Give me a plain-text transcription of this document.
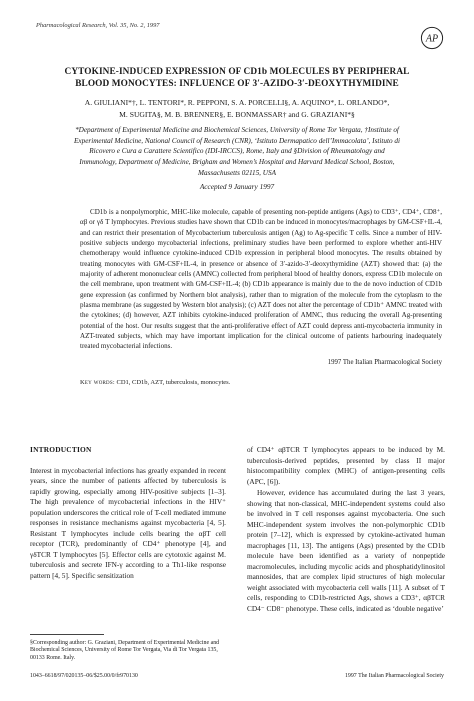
Pharmacological Research, Vol. 35, No. 2, 1997
AP
CYTOKINE-INDUCED EXPRESSION OF CD1b MOLECULES BY PERIPHERAL
BLOOD MONOCYTES: INFLUENCE OF 3′-AZIDO-3′-DEOXYTHYMIDINE
A. GIULIANI*†, L. TENTORI*, R. PEPPONI, S. A. PORCELLI§, A. AQUINO*, L. ORLANDO*,
M. SUGITA§, M. B. BRENNER§, E. BONMASSAR† and G. GRAZIANI*§
*Department of Experimental Medicine and Biochemical Sciences, University of Rome Tor Vergata, †Institute of
Experimental Medicine, National Council of Research (CNR), ‘Istituto Dermapatico dell’Immacolata’, Istituto di
Ricovero e Cura a Carattere Scientifico (IDI-IRCCS), Rome, Italy and §Division of Rheumatology and
Immunology, Department of Medicine, Brigham and Women’s Hospital and Harvard Medical School, Boston,
Massachusetts 02115, USA
Accepted 9 January 1997
CD1b is a nonpolymorphic, MHC-like molecule, capable of presenting non-peptide antigens (Ags) to CD3⁺, CD4⁺, CD8⁺, αβ or γδ T lymphocytes. Previous studies have shown that CD1b can be induced in monocytes/macrophages by GM-CSF+IL-4, and can restrict their presentation of Mycobacterium tuberculosis antigen (Ag) to Ag-specific T cells. Since a number of HIV-positive subjects undergo mycobacterial infections, preliminary studies have been performed to explore whether anti-HIV chemotherapy would influence cytokine-induced CD1b expression in peripheral blood monocytes. The results obtained by treating monocytes with GM-CSF+IL-4, in presence or absence of 3′-azido-3′-deoxythymidine (AZT) showed that: (a) the majority of adherent mononuclear cells (AMNC) collected from peripheral blood of healthy donors, express CD1b molecule on the cell membrane, upon treatment with GM-CSF+IL-4; (b) CD1b appearance is mainly due to the de novo induction of CD1b gene expression (as confirmed by Northern blot analysis), rather than to migration of the molecule from the cytoplasm to the plasma membrane (as suggested by Western blot analysis); (c) AZT does not alter the percentage of CD1b⁺ AMNC treated with the cytokines; (d) however, AZT inhibits cytokine-induced proliferation of AMNC, thus reducing the overall Ag-presenting potential of the host. Our results suggest that the anti-proliferative effect of AZT could depress anti-mycobacteria immunity in AZT-treated subjects, which may have important implication for the clinical outcome of patients harbouring inadequately treated mycobacterial infections.
1997 The Italian Pharmacological Society
Key words: CD1, CD1b, AZT, tuberculosis, monocytes.
INTRODUCTION
Interest in mycobacterial infections has greatly expanded in recent years, since the number of patients affected by tuberculosis is rapidly growing, especially among HIV-positive subjects [1–3]. The high prevalence of mycobacterial infections in the HIV⁺ population underscores the critical role of T-cell mediated immune responses in resistance mechanisms against mycobacteria [4, 5]. Resistant T lymphocytes include cells bearing the αβT cell receptor (TCR), predominantly of CD4⁺ phenotype [4], and γδTCR T lymphocytes [5]. Effector cells are cytotoxic against M. tuberculosis and secrete IFN-γ according to a Th1-like response pattern [4, 5]. Specific sensitization
of CD4⁺ αβTCR T lymphocytes appears to be induced by M. tuberculosis-derived peptides, presented by class II major histocompatibility complex (MHC) of antigen-presenting cells (APC, [6]).
However, evidence has accumulated during the last 3 years, showing that non-classical, MHC-independent systems could also be involved in T cell responses against mycobacteria. One such MHC-independent system involves the non-polymorphic CD1b protein [7–12], which is expressed by cytokine-activated human macrophages [11, 13]. The antigens (Ags) presented by the CD1b molecule have been identified as a variety of nonpeptide macromolecules, including mycolic acids and phosphatidylinositol mannosides, that are complex lipid structures of high molecular weight associated with mycobacteria cell walls [11]. A subset of T cells, responding to CD1b-restricted Ags, shows a CD3⁺, αβTCR CD4⁻ CD8⁻ phenotype. These cells, indicated as ‘double negative’
§Corresponding author: G. Graziani, Department of Experimental Medicine and Biochemical Sciences, University of Rome Tor Vergata, Via di Tor Vergata 135, 00133 Rome. Italy.
1043–6618/97/020135–06/$25.00/0/fr970130	1997 The Italian Pharmacological Society
